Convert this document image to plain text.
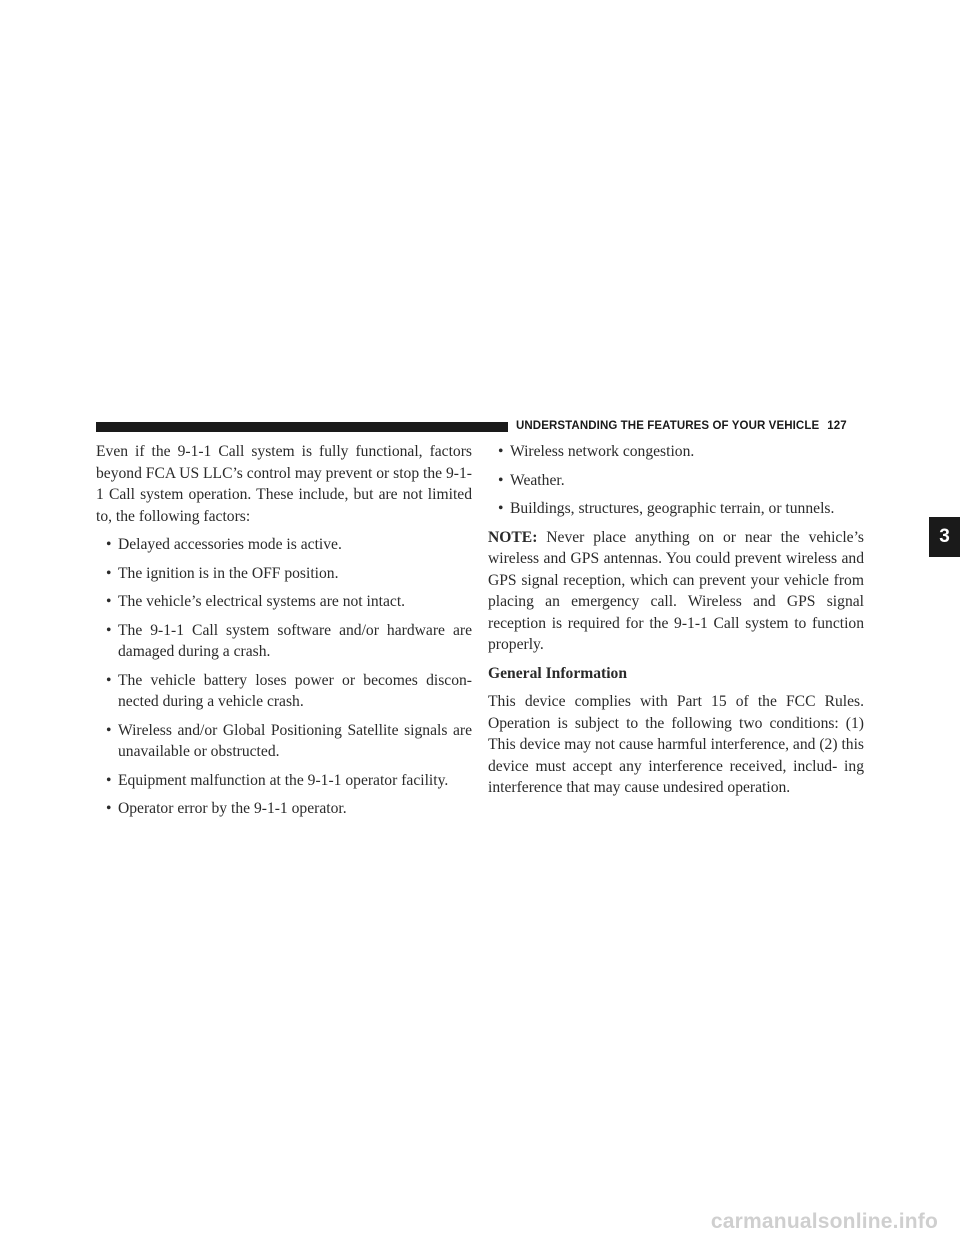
UNDERSTANDING THE FEATURES OF YOUR VEHICLE 127

Even if the 9-1-1 Call system is fully functional, factors beyond FCA US LLC’s control may prevent or stop the 9-1-1 Call system operation. These include, but are not limited to, the following factors:

• Delayed accessories mode is active.

• The ignition is in the OFF position.

• The vehicle’s electrical systems are not intact.

• The 9-1-1 Call system software and/or hardware are damaged during a crash.

• The vehicle battery loses power or becomes discon- nected during a vehicle crash.

• Wireless and/or Global Positioning Satellite signals are unavailable or obstructed.

• Equipment malfunction at the 9-1-1 operator facility.

• Operator error by the 9-1-1 operator.

• Wireless network congestion.

• Weather.

• Buildings, structures, geographic terrain, or tunnels.

NOTE: Never place anything on or near the vehicle’s wireless and GPS antennas. You could prevent wireless and GPS signal reception, which can prevent your vehicle from placing an emergency call. Wireless and GPS signal reception is required for the 9-1-1 Call system to function properly.

General Information

This device complies with Part 15 of the FCC Rules. Operation is subject to the following two conditions: (1) This device may not cause harmful interference, and (2) this device must accept any interference received, includ- ing interference that may cause undesired operation.

3
carmanualsonline.info
